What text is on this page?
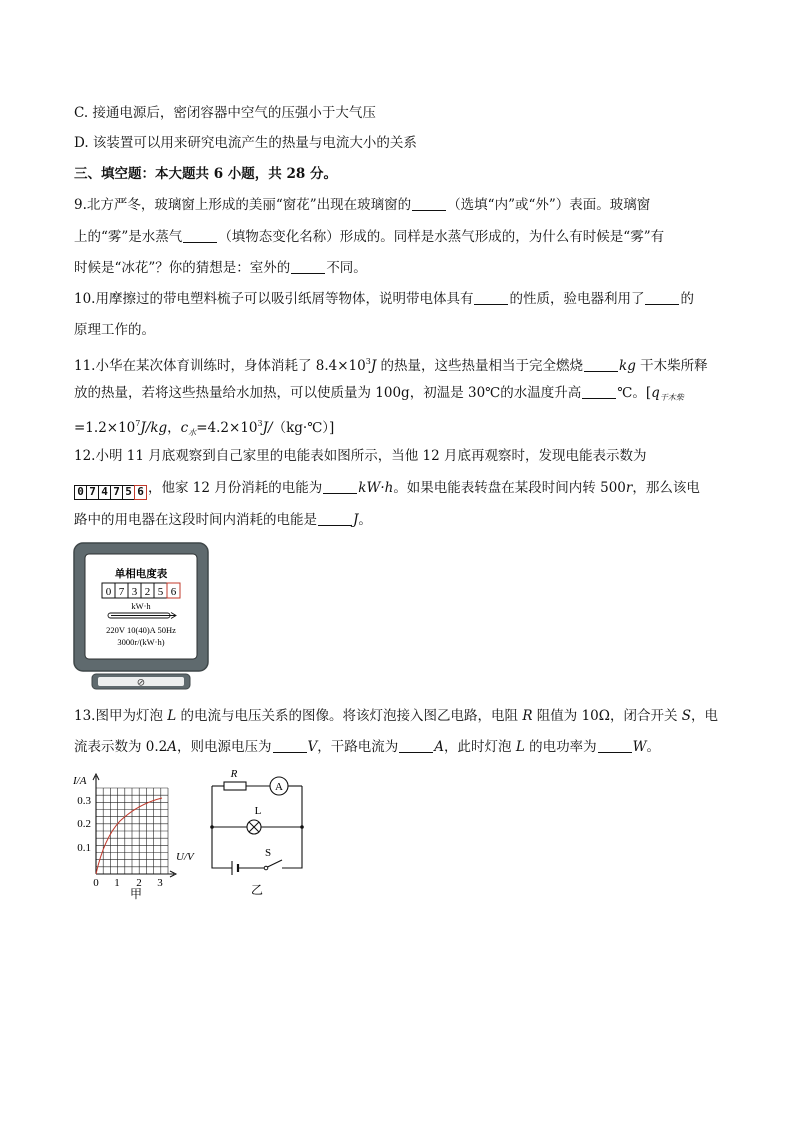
C. 接通电源后，密闭容器中空气的压强小于大气压
D. 该装置可以用来研究电流产生的热量与电流大小的关系
三、填空题：本大题共 6 小题，共 28 分。
9.北方严冬，玻璃窗上形成的美丽“窗花”出现在玻璃窗的	（选填“内”或“外”）表面。玻璃窗
上的“雾”是水蒸气	（填物态变化名称）形成的。同样是水蒸气形成的，为什么有时候是“雾”有
时候是“冰花”？你的猜想是：室外的	不同。
10.用摩擦过的带电塑料梳子可以吸引纸屑等物体，说明带电体具有	的性质，验电器利用了	的
原理工作的。
11.小华在某次体育训练时，身体消耗了 $8.4\times 10^3J$ 的热量，这些热量相当于完全燃烧	kg 干木柴所释
放的热量，若将这些热量给水加热，可以使质量为 100g，初温是 30℃的水温度升高	℃。[$q_{干木柴}$
$=1.2\times 10^7J/kg$，$c_水=4.2\times 10^3J/(kg\cdot℃)$]
12.小明 11 月底观察到自己家里的电能表如图所示，当他 12 月底再观察时，发现电能表示数为
0 7 4 7 5 6 ，他家 12 月份消耗的电能为	kW·h。如果电能表转盘在某段时间内转 500r，那么该电
路中的用电器在这段时间内消耗的电能是	J。
单相电度表
0 7 3 2 5 6
kW·h
220V 10(40)A 50Hz
3000r/(kW·h)
⊘
13.图甲为灯泡 L 的电流与电压关系的图像。将该灯泡接入图乙电路，电阻 R 阻值为 10Ω，闭合开关 S，电
流表示数为 0.2A，则电源电压为	V，干路电流为	A，此时灯泡 L 的电功率为	W。
I/A
U/V
0.3
0.2
0.1
0 1 2 3
甲
R
A
L
S
乙
